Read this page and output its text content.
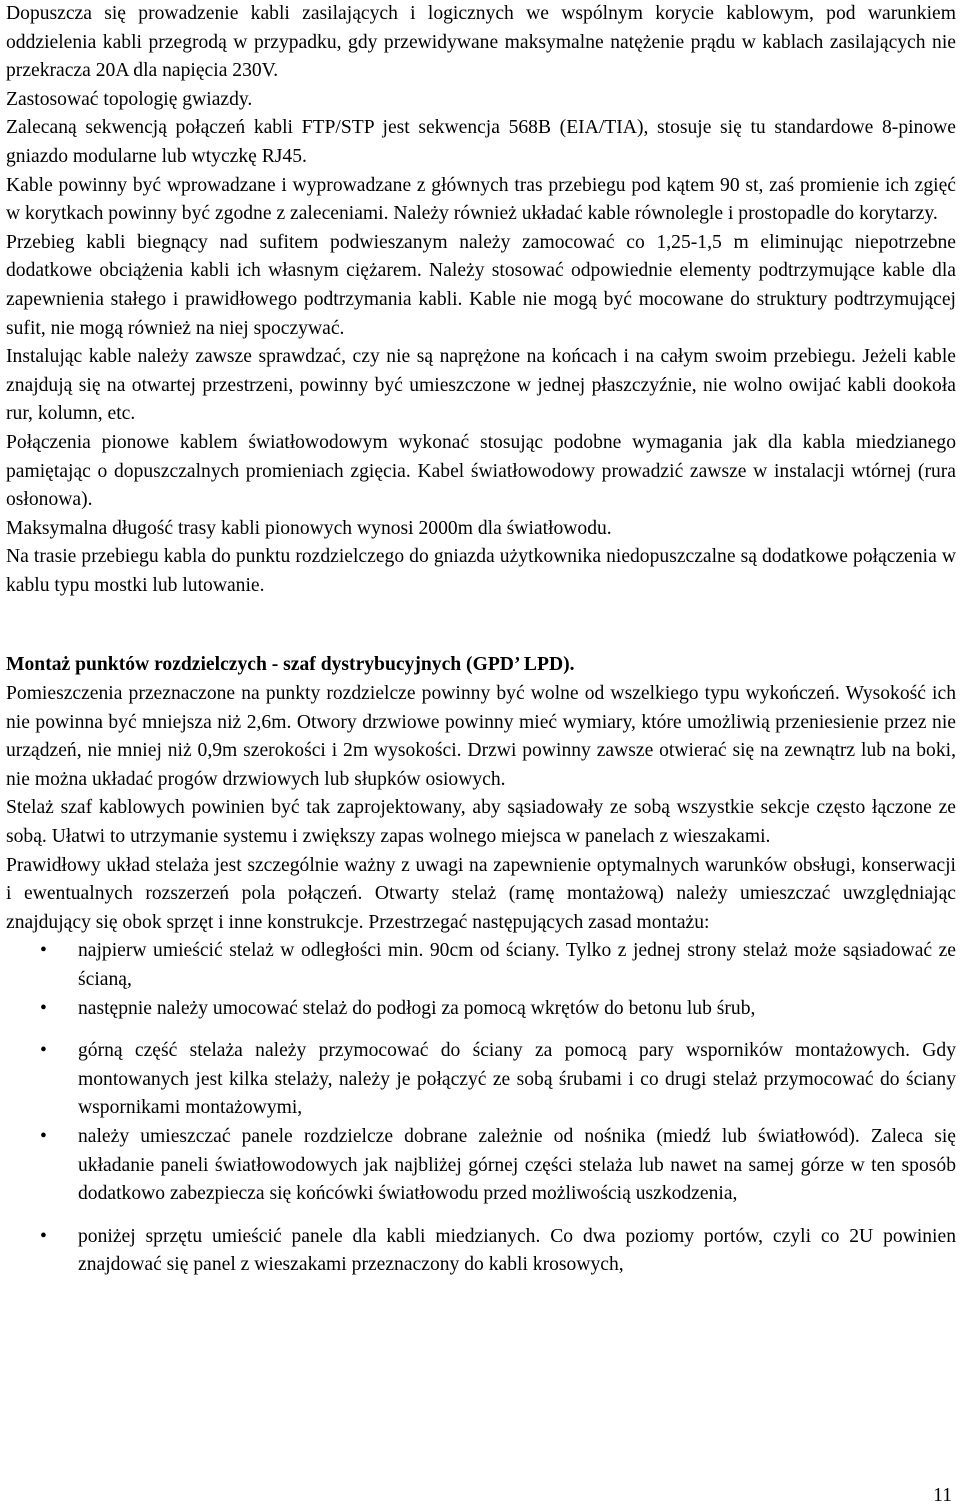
Dopuszcza się prowadzenie kabli zasilających i logicznych we wspólnym korycie kablowym, pod warunkiem oddzielenia kabli przegrodą w przypadku, gdy przewidywane maksymalne natężenie prądu w kablach zasilających nie przekracza 20A dla napięcia 230V.

Zastosować topologię gwiazdy.

Zalecaną sekwencją połączeń kabli FTP/STP jest sekwencja 568B (EIA/TIA), stosuje się tu standardowe 8-pinowe gniazdo modularne lub wtyczkę RJ45.

Kable powinny być wprowadzane i wyprowadzane z głównych tras przebiegu pod kątem 90 st, zaś promienie ich zgięć w korytkach powinny być zgodne z zaleceniami. Należy również układać kable równolegle i prostopadle do korytarzy.

Przebieg kabli biegnący nad sufitem podwieszanym należy zamocować co 1,25-1,5 m eliminując niepotrzebne dodatkowe obciążenia kabli ich własnym ciężarem. Należy stosować odpowiednie elementy podtrzymujące kable dla zapewnienia stałego i prawidłowego podtrzymania kabli. Kable nie mogą być mocowane do struktury podtrzymującej sufit, nie mogą również na niej spoczywać.

Instalując kable należy zawsze sprawdzać, czy nie są naprężone na końcach i na całym swoim przebiegu. Jeżeli kable znajdują się na otwartej przestrzeni, powinny być umieszczone w jednej płaszczyźnie, nie wolno owijać kabli dookoła rur, kolumn, etc.

Połączenia pionowe kablem światłowodowym wykonać stosując podobne wymagania jak dla kabla miedzianego pamiętając o dopuszczalnych promieniach zgięcia. Kabel światłowodowy prowadzić zawsze w instalacji wtórnej (rura osłonowa).

Maksymalna długość trasy kabli pionowych wynosi 2000m dla światłowodu.

Na trasie przebiegu kabla do punktu rozdzielczego do gniazda użytkownika niedopuszczalne są dodatkowe połączenia w kablu typu mostki lub lutowanie.

Montaż punktów rozdzielczych - szaf dystrybucyjnych (GPD’ LPD).

Pomieszczenia przeznaczone na punkty rozdzielcze powinny być wolne od wszelkiego typu wykończeń. Wysokość ich nie powinna być mniejsza niż 2,6m. Otwory drzwiowe powinny mieć wymiary, które umożliwią przeniesienie przez nie urządzeń, nie mniej niż 0,9m szerokości i 2m wysokości. Drzwi powinny zawsze otwierać się na zewnątrz lub na boki, nie można układać progów drzwiowych lub słupków osiowych.

Stelaż szaf kablowych powinien być tak zaprojektowany, aby sąsiadowały ze sobą wszystkie sekcje często łączone ze sobą. Ułatwi to utrzymanie systemu i zwiększy zapas wolnego miejsca w panelach z wieszakami.

Prawidłowy układ stelaża jest szczególnie ważny z uwagi na zapewnienie optymalnych warunków obsługi, konserwacji i ewentualnych rozszerzeń pola połączeń. Otwarty stelaż (ramę montażową) należy umieszczać uwzględniając znajdujący się obok sprzęt i inne konstrukcje. Przestrzegać następujących zasad montażu:

• najpierw umieścić stelaż w odległości min. 90cm od ściany. Tylko z jednej strony stelaż może sąsiadować ze ścianą,
• następnie należy umocować stelaż do podłogi za pomocą wkrętów do betonu lub śrub,
• górną część stelaża należy przymocować do ściany za pomocą pary wsporników montażowych. Gdy montowanych jest kilka stelaży, należy je połączyć ze sobą śrubami i co drugi stelaż przymocować do ściany wspornikami montażowymi,
• należy umieszczać panele rozdzielcze dobrane zależnie od nośnika (miedź lub światłowód). Zaleca się układanie paneli światłowodowych jak najbliżej górnej części stelaża lub nawet na samej górze w ten sposób dodatkowo zabezpiecza się końcówki światłowodu przed możliwością uszkodzenia,
• poniżej sprzętu umieścić panele dla kabli miedzianych. Co dwa poziomy portów, czyli co 2U powinien znajdować się panel z wieszakami przeznaczony do kabli krosowych,
11
